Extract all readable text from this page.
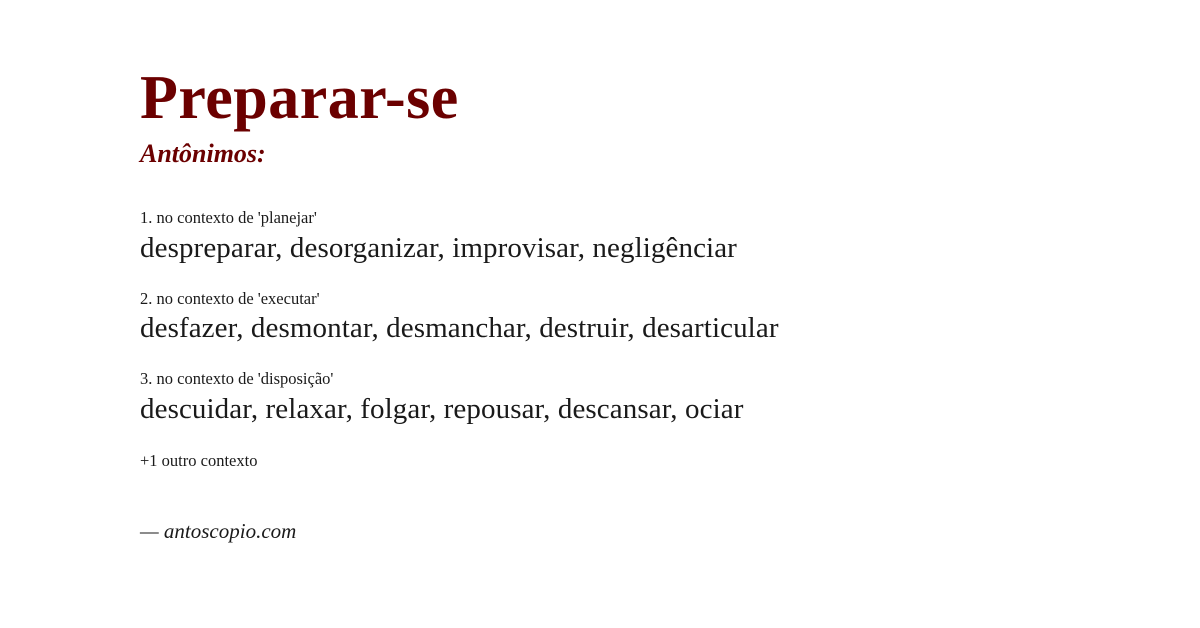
Preparar-se
Antônimos:

1. no contexto de 'planejar'

despreparar, desorganizar, improvisar, negligênciar

2. no contexto de 'executar'

desfazer, desmontar, desmanchar, destruir, desarticular

3. no contexto de 'disposição'

descuidar, relaxar, folgar, repousar, descansar, ociar

+1 outro contexto

— antoscopio.com
